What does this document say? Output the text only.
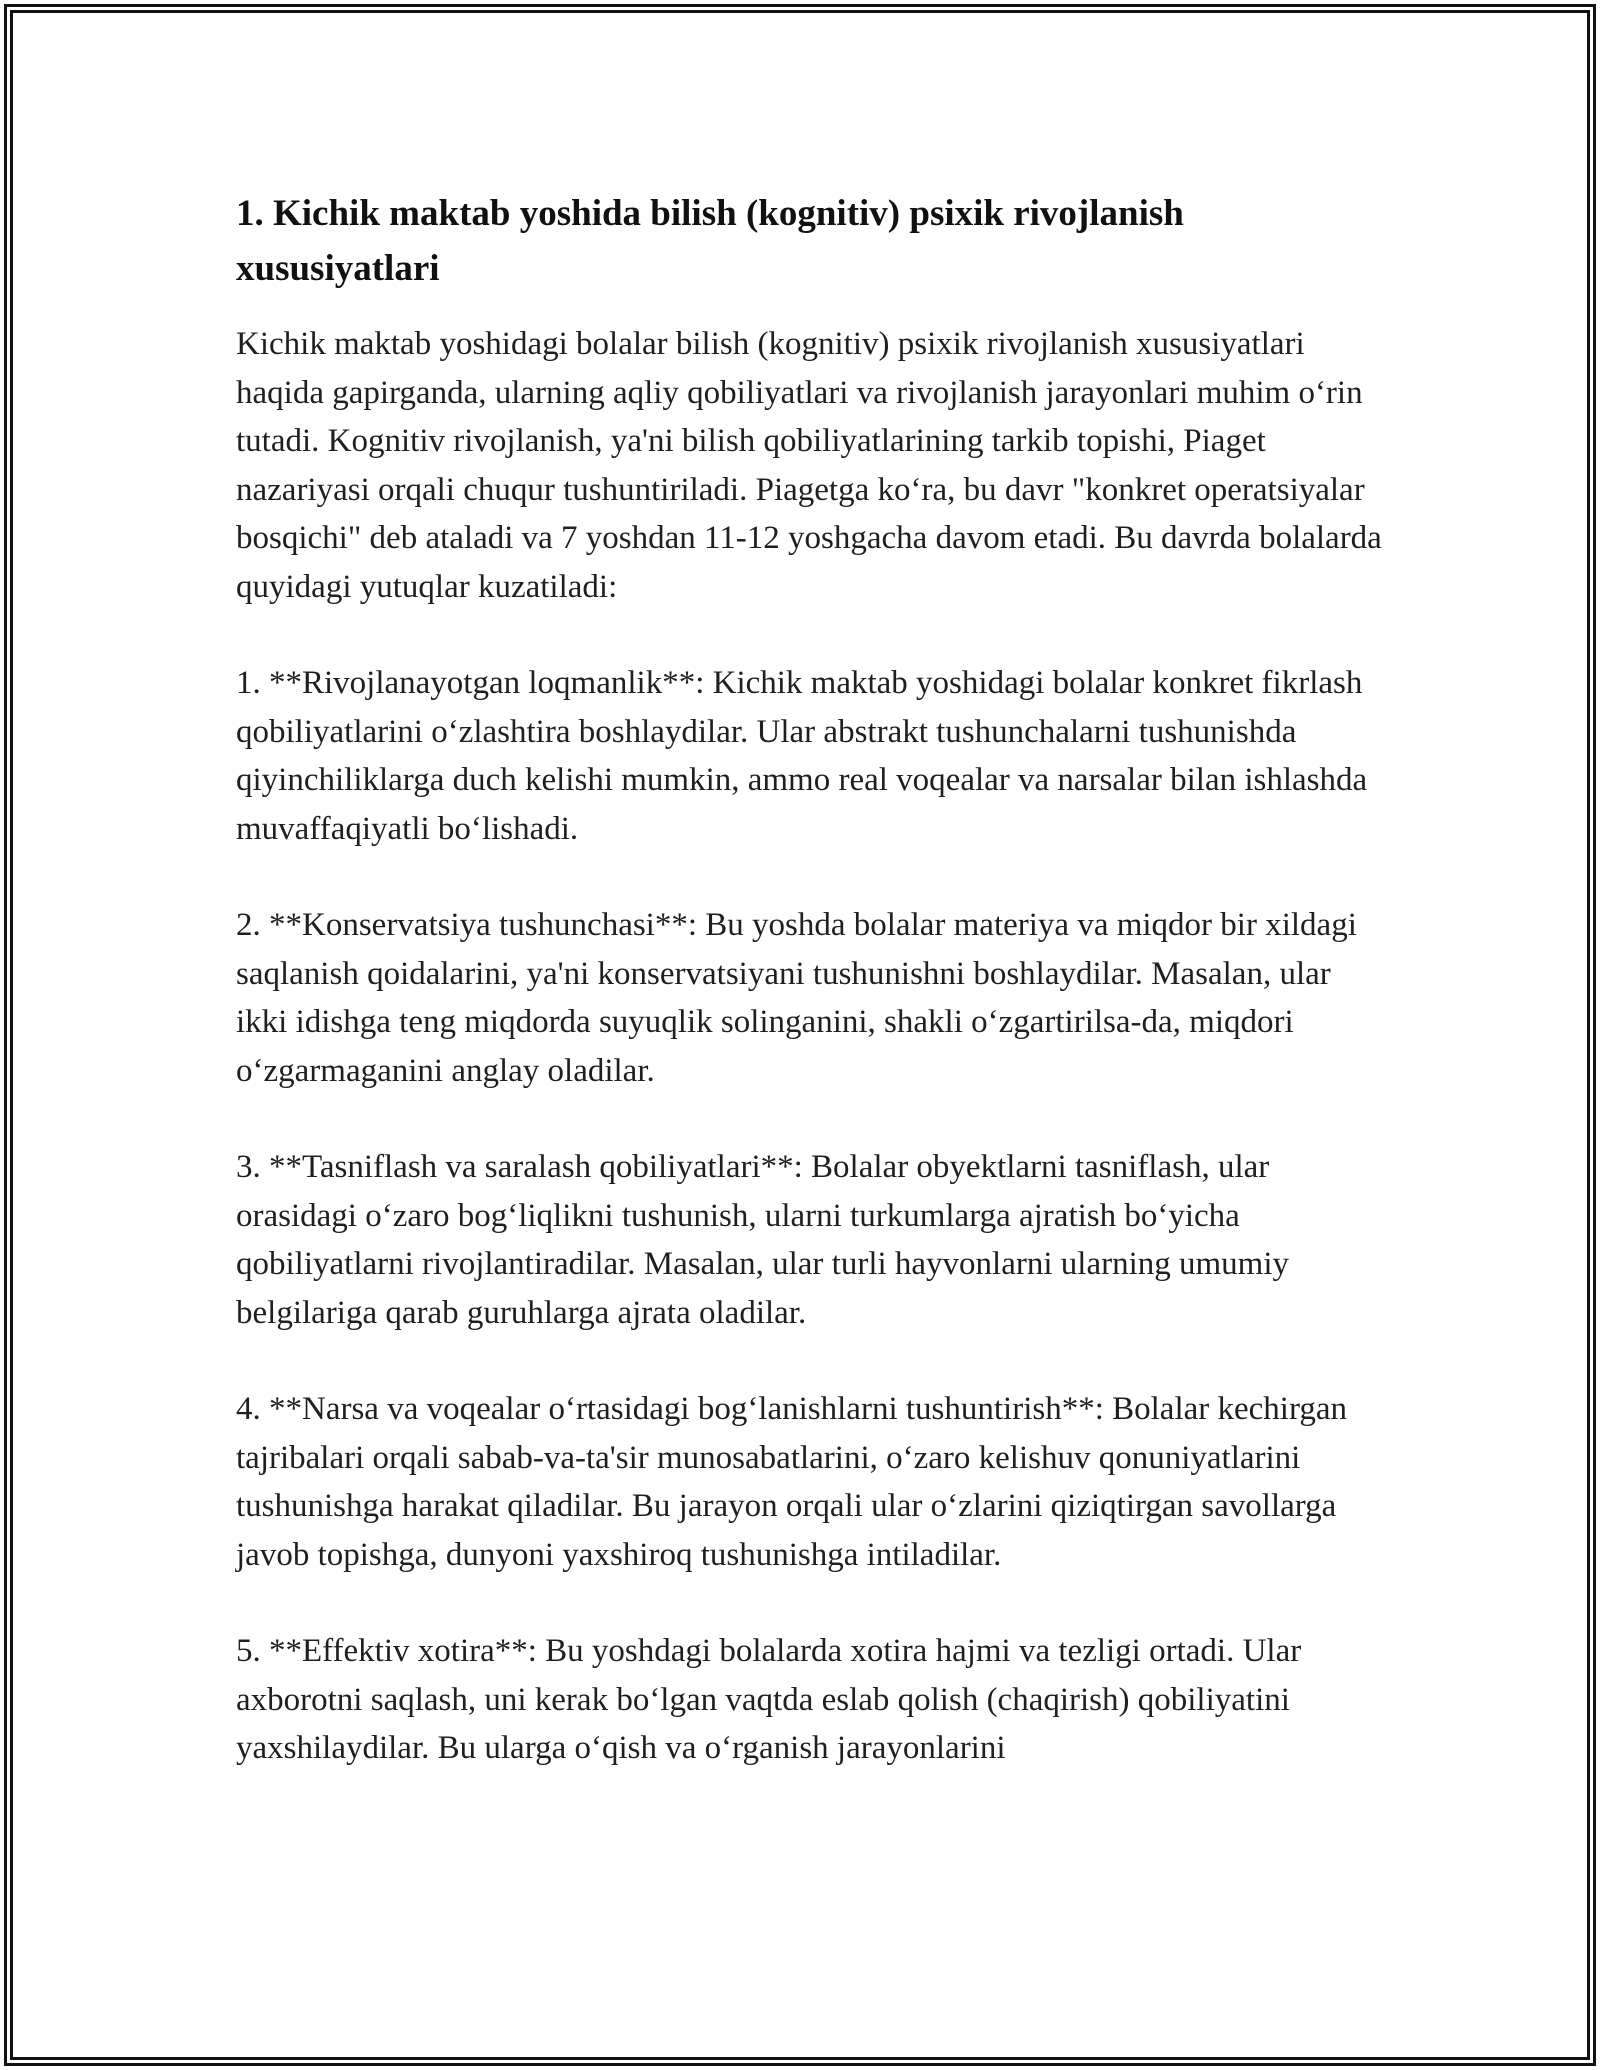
1. Kichik maktab yoshida bilish (kognitiv) psixik rivojlanish xususiyatlari

Kichik maktab yoshidagi bolalar bilish (kognitiv) psixik rivojlanish xususiyatlari haqida gapirganda, ularning aqliy qobiliyatlari va rivojlanish jarayonlari muhim o‘rin tutadi. Kognitiv rivojlanish, ya'ni bilish qobiliyatlarining tarkib topishi, Piaget nazariyasi orqali chuqur tushuntiriladi. Piagetga ko‘ra, bu davr "konkret operatsiyalar bosqichi" deb ataladi va 7 yoshdan 11-12 yoshgacha davom etadi. Bu davrda bolalarda quyidagi yutuqlar kuzatiladi:

1. **Rivojlanayotgan loqmanlik**: Kichik maktab yoshidagi bolalar konkret fikrlash qobiliyatlarini o‘zlashtira boshlaydilar. Ular abstrakt tushunchalarni tushunishda qiyinchiliklarga duch kelishi mumkin, ammo real voqealar va narsalar bilan ishlashda muvaffaqiyatli bo‘lishadi.

2. **Konservatsiya tushunchasi**: Bu yoshda bolalar materiya va miqdor bir xildagi saqlanish qoidalarini, ya'ni konservatsiyani tushunishni boshlaydilar. Masalan, ular ikki idishga teng miqdorda suyuqlik solinganini, shakli o‘zgartirilsa-da, miqdori o‘zgarmaganini anglay oladilar.

3. **Tasniflash va saralash qobiliyatlari**: Bolalar obyektlarni tasniflash, ular orasidagi o‘zaro bog‘liqlikni tushunish, ularni turkumlarga ajratish bo‘yicha qobiliyatlarni rivojlantiradilar. Masalan, ular turli hayvonlarni ularning umumiy belgilariga qarab guruhlarga ajrata oladilar.

4. **Narsa va voqealar o‘rtasidagi bog‘lanishlarni tushuntirish**: Bolalar kechirgan tajribalari orqali sabab-va-ta'sir munosabatlarini, o‘zaro kelishuv qonuniyatlarini tushunishga harakat qiladilar. Bu jarayon orqali ular o‘zlarini qiziqtirgan savollarga javob topishga, dunyoni yaxshiroq tushunishga intiladilar.

5. **Effektiv xotira**: Bu yoshdagi bolalarda xotira hajmi va tezligi ortadi. Ular axborotni saqlash, uni kerak bo‘lgan vaqtda eslab qolish (chaqirish) qobiliyatini yaxshilaydilar. Bu ularga o‘qish va o‘rganish jarayonlarini
